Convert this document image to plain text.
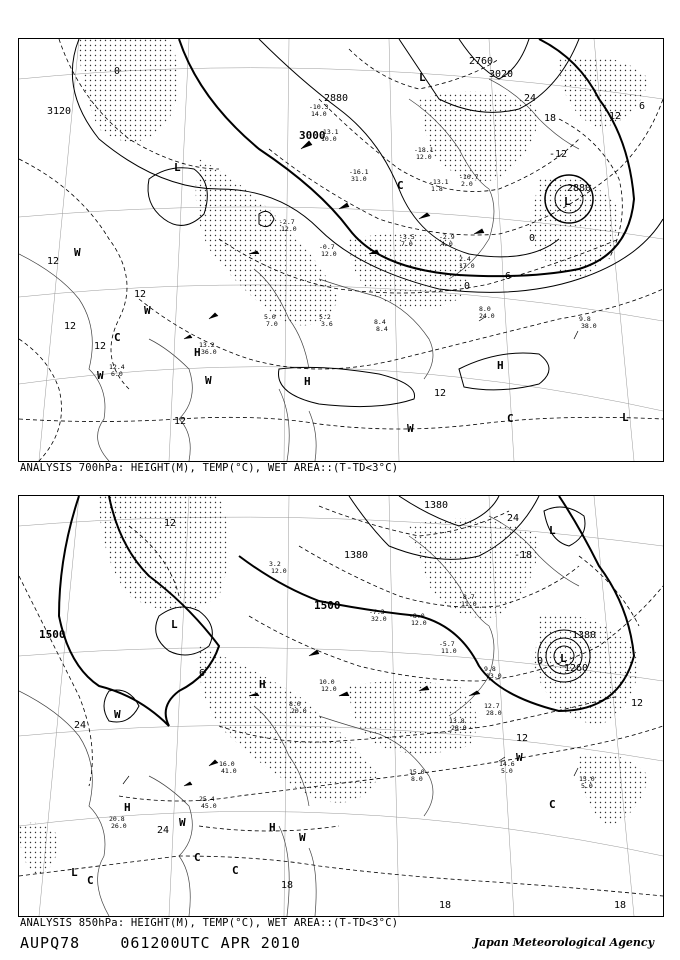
-10.3
14.0
-13.1
10.0
-16.1
31.0
-18.1
12.0
-13.1
1.8
-10.7
2.0
-3.5
7.0
-2.9
4.0
2.4
17.0
8.0
24.0	9.8
38.0
13.2
36.0
-2.7
12.0
-0.7
12.0
5.2
3.6	8.4
8.4
12.4
6.0
5.0
7.0
3120
3000
2880
2760
3020
2880
0
12
12
12
12
12
12
24
18
-6
0
12
-12
0
6
L
L
L
H
H
H
C
W
W
W	W
C
W
C	L
ANALYSIS 700hPa: HEIGHT(M), TEMP(°C), WET AREA::(T-TD<3°C)
-7.3
32.0	-8.0
12.0
-8.7
11.0
9.8
13.0
12.7
28.0
14.6
5.0
15.0
5.0
13.8
28.0
15.0
8.0
10.0
12.0
8.0
20.0
25.4
45.0
20.8
26.0
16.0
41.0
3.2
12.0
-5.7
11.0
1500
1500
1380
1380
1380
1260
12
24
24
18
18
-18
12
6
0
24
18
12
L
L
L
H
H
H
W
W
C
C
C
W
L
C
W
ANALYSIS 850hPa: HEIGHT(M), TEMP(°C), WET AREA::(T-TD<3°C)
AUPQ78	061200UTC APR 2010	Japan Meteorological Agency
